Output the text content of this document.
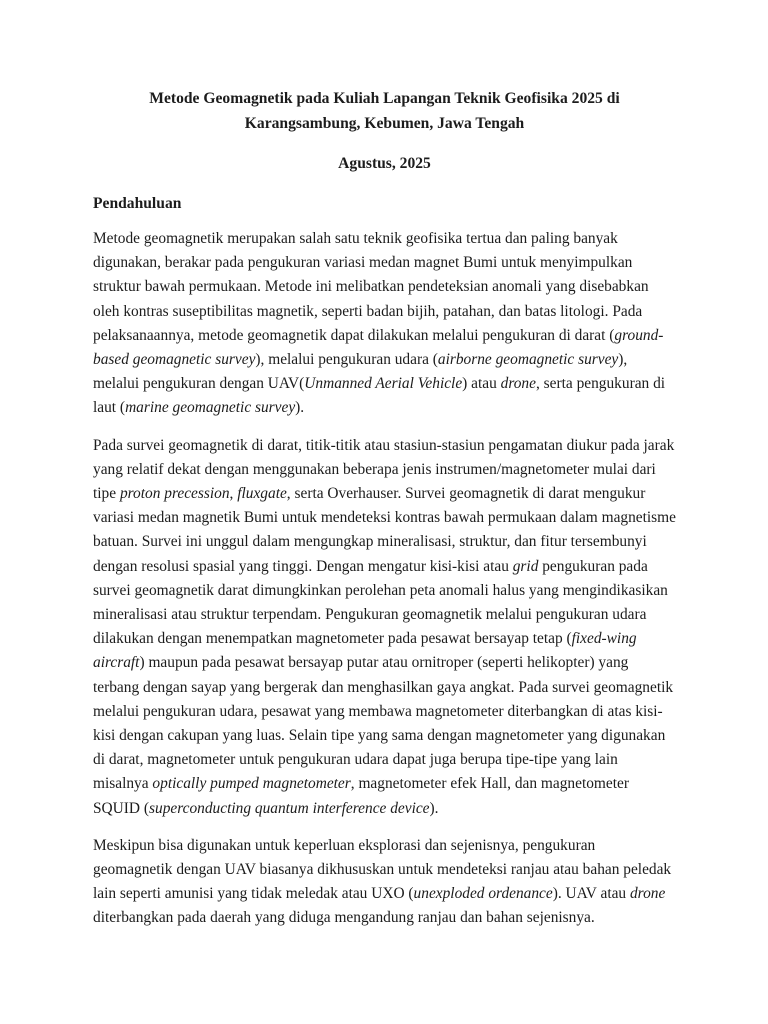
Metode Geomagnetik pada Kuliah Lapangan Teknik Geofisika 2025 di
Karangsambung, Kebumen, Jawa Tengah
Agustus, 2025
Pendahuluan

Metode geomagnetik merupakan salah satu teknik geofisika tertua dan paling banyak digunakan, berakar pada pengukuran variasi medan magnet Bumi untuk menyimpulkan struktur bawah permukaan. Metode ini melibatkan pendeteksian anomali yang disebabkan oleh kontras suseptibilitas magnetik, seperti badan bijih, patahan, dan batas litologi. Pada pelaksanaannya, metode geomagnetik dapat dilakukan melalui pengukuran di darat (ground-based geomagnetic survey), melalui pengukuran udara (airborne geomagnetic survey), melalui pengukuran dengan UAV(Unmanned Aerial Vehicle) atau drone, serta pengukuran di laut (marine geomagnetic survey).

Pada survei geomagnetik di darat, titik-titik atau stasiun-stasiun pengamatan diukur pada jarak yang relatif dekat dengan menggunakan beberapa jenis instrumen/magnetometer mulai dari tipe proton precession, fluxgate, serta Overhauser. Survei geomagnetik di darat mengukur variasi medan magnetik Bumi untuk mendeteksi kontras bawah permukaan dalam magnetisme batuan. Survei ini unggul dalam mengungkap mineralisasi, struktur, dan fitur tersembunyi dengan resolusi spasial yang tinggi. Dengan mengatur kisi-kisi atau grid pengukuran pada survei geomagnetik darat dimungkinkan perolehan peta anomali halus yang mengindikasikan mineralisasi atau struktur terpendam. Pengukuran geomagnetik melalui pengukuran udara dilakukan dengan menempatkan magnetometer pada pesawat bersayap tetap (fixed-wing aircraft) maupun pada pesawat bersayap putar atau ornitroper (seperti helikopter) yang terbang dengan sayap yang bergerak dan menghasilkan gaya angkat. Pada survei geomagnetik melalui pengukuran udara, pesawat yang membawa magnetometer diterbangkan di atas kisi-kisi dengan cakupan yang luas. Selain tipe yang sama dengan magnetometer yang digunakan di darat, magnetometer untuk pengukuran udara dapat juga berupa tipe-tipe yang lain misalnya optically pumped magnetometer, magnetometer efek Hall, dan magnetometer SQUID (superconducting quantum interference device).

Meskipun bisa digunakan untuk keperluan eksplorasi dan sejenisnya, pengukuran geomagnetik dengan UAV biasanya dikhususkan untuk mendeteksi ranjau atau bahan peledak lain seperti amunisi yang tidak meledak atau UXO (unexploded ordenance). UAV atau drone diterbangkan pada daerah yang diduga mengandung ranjau dan bahan sejenisnya.
